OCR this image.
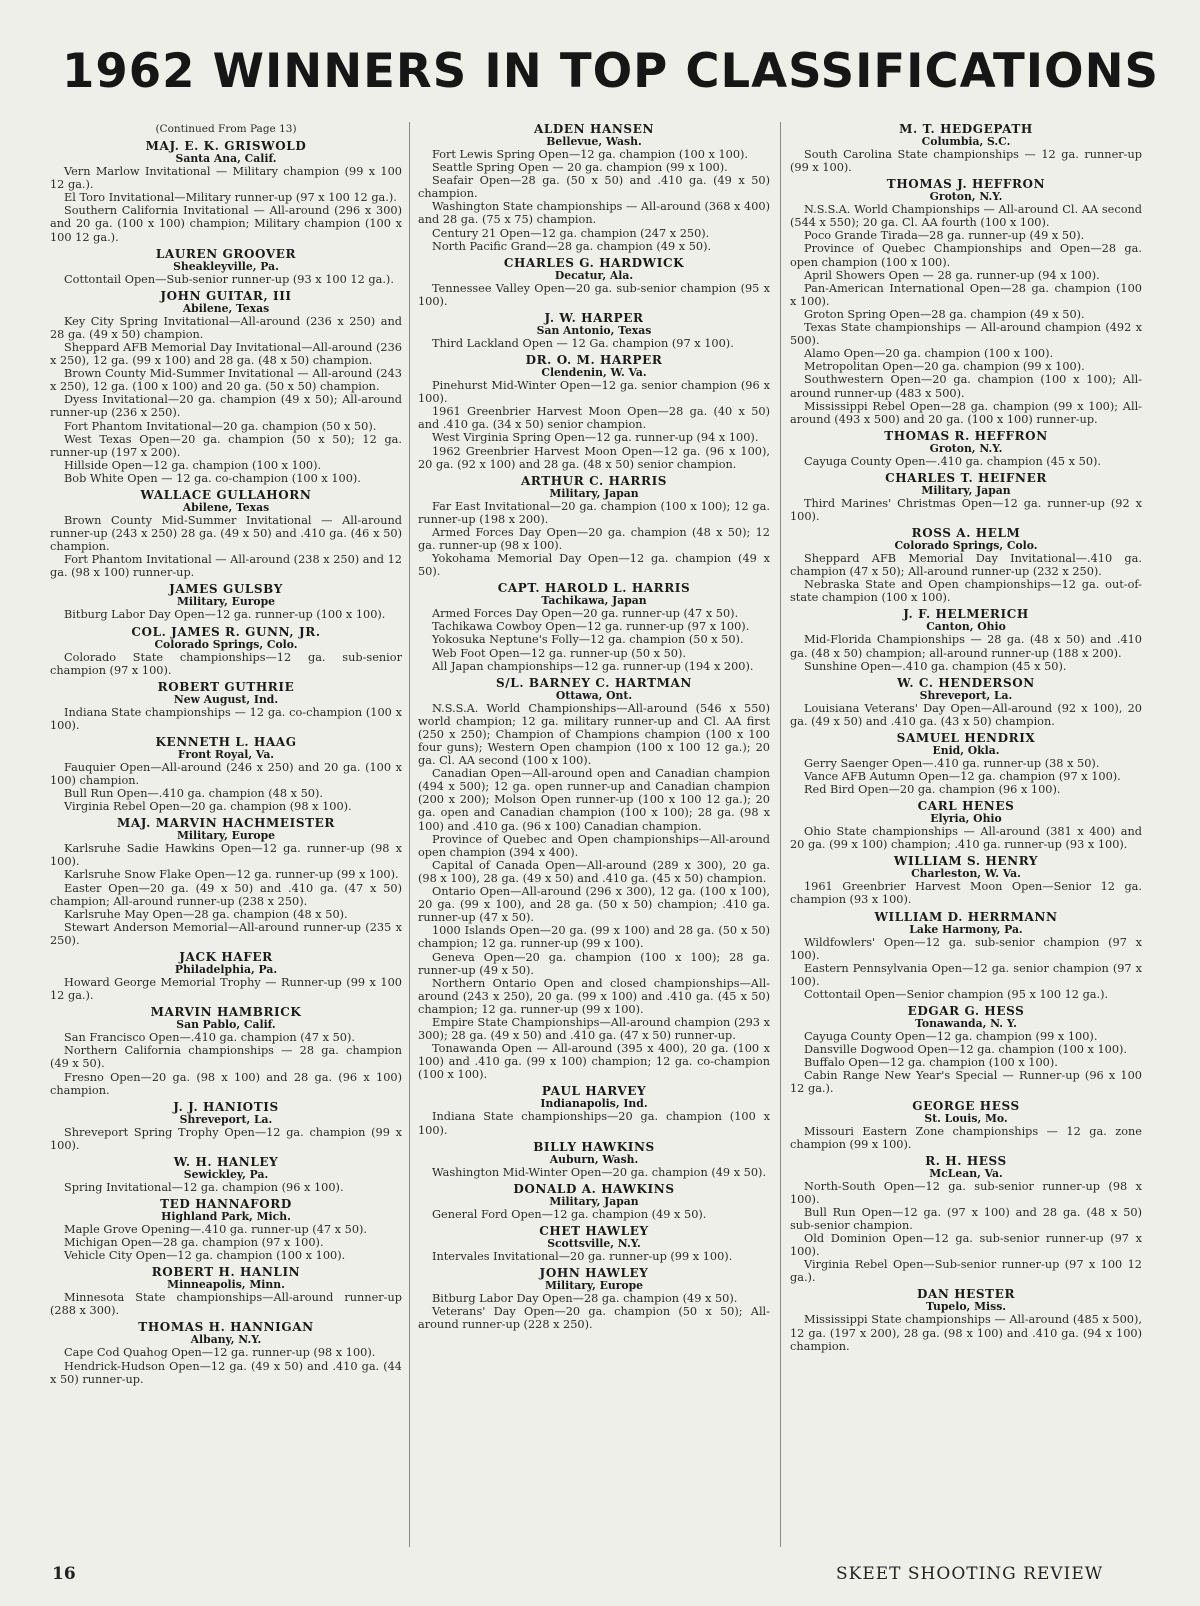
1962 WINNERS IN TOP CLASSIFICATIONS
(Continued From Page 13)
MAJ. E. K. GRISWOLD
Santa Ana, Calif.
Vern Marlow Invitational — Military champion (99 x 100 12 ga.).
El Toro Invitational—Military runner-up (97 x 100 12 ga.).
Southern California Invitational — All-around (296 x 300) and 20 ga. (100 x 100) champion; Military champion (100 x 100 12 ga.).
LAUREN GROOVER
Sheakleyville, Pa.
Cottontail Open—Sub-senior runner-up (93 x 100 12 ga.).
JOHN GUITAR, III
Abilene, Texas
Key City Spring Invitational—All-around (236 x 250) and 28 ga. (49 x 50) champion.
Sheppard AFB Memorial Day Invitational—All-around (236 x 250), 12 ga. (99 x 100) and 28 ga. (48 x 50) champion.
Brown County Mid-Summer Invitational — All-around (243 x 250), 12 ga. (100 x 100) and 20 ga. (50 x 50) champion.
Dyess Invitational—20 ga. champion (49 x 50); All-around runner-up (236 x 250).
Fort Phantom Invitational—20 ga. champion (50 x 50).
West Texas Open—20 ga. champion (50 x 50); 12 ga. runner-up (197 x 200).
Hillside Open—12 ga. champion (100 x 100).
Bob White Open — 12 ga. co-champion (100 x 100).
WALLACE GULLAHORN
Abilene, Texas
Brown County Mid-Summer Invitational — All-around runner-up (243 x 250) 28 ga. (49 x 50) and .410 ga. (46 x 50) champion.
Fort Phantom Invitational — All-around (238 x 250) and 12 ga. (98 x 100) runner-up.
JAMES GULSBY
Military, Europe
Bitburg Labor Day Open—12 ga. runner-up (100 x 100).
COL. JAMES R. GUNN, JR.
Colorado Springs, Colo.
Colorado State championships—12 ga. sub-senior champion (97 x 100).
ROBERT GUTHRIE
New August, Ind.
Indiana State championships — 12 ga. co-champion (100 x 100).
KENNETH L. HAAG
Front Royal, Va.
Fauquier Open—All-around (246 x 250) and 20 ga. (100 x 100) champion.
Bull Run Open—.410 ga. champion (48 x 50).
Virginia Rebel Open—20 ga. champion (98 x 100).
MAJ. MARVIN HACHMEISTER
Military, Europe
Karlsruhe Sadie Hawkins Open—12 ga. runner-up (98 x 100).
Karlsruhe Snow Flake Open—12 ga. runner-up (99 x 100).
Easter Open—20 ga. (49 x 50) and .410 ga. (47 x 50) champion; All-around runner-up (238 x 250).
Karlsruhe May Open—28 ga. champion (48 x 50).
Stewart Anderson Memorial—All-around runner-up (235 x 250).
JACK HAFER
Philadelphia, Pa.
Howard George Memorial Trophy — Runner-up (99 x 100 12 ga.).
MARVIN HAMBRICK
San Pablo, Calif.
San Francisco Open—.410 ga. champion (47 x 50).
Northern California championships — 28 ga. champion (49 x 50).
Fresno Open—20 ga. (98 x 100) and 28 ga. (96 x 100) champion.
J. J. HANIOTIS
Shreveport, La.
Shreveport Spring Trophy Open—12 ga. champion (99 x 100).
W. H. HANLEY
Sewickley, Pa.
Spring Invitational—12 ga. champion (96 x 100).
TED HANNAFORD
Highland Park, Mich.
Maple Grove Opening—.410 ga. runner-up (47 x 50).
Michigan Open—28 ga. champion (97 x 100).
Vehicle City Open—12 ga. champion (100 x 100).
ROBERT H. HANLIN
Minneapolis, Minn.
Minnesota State championships—All-around runner-up (288 x 300).
THOMAS H. HANNIGAN
Albany, N.Y.
Cape Cod Quahog Open—12 ga. runner-up (98 x 100).
Hendrick-Hudson Open—12 ga. (49 x 50) and .410 ga. (44 x 50) runner-up.
ALDEN HANSEN
Bellevue, Wash.
Fort Lewis Spring Open—12 ga. champion (100 x 100).
Seattle Spring Open — 20 ga. champion (99 x 100).
Seafair Open—28 ga. (50 x 50) and .410 ga. (49 x 50) champion.
Washington State championships — All-around (368 x 400) and 28 ga. (75 x 75) champion.
Century 21 Open—12 ga. champion (247 x 250).
North Pacific Grand—28 ga. champion (49 x 50).
CHARLES G. HARDWICK
Decatur, Ala.
Tennessee Valley Open—20 ga. sub-senior champion (95 x 100).
J. W. HARPER
San Antonio, Texas
Third Lackland Open — 12 Ga. champion (97 x 100).
DR. O. M. HARPER
Clendenin, W. Va.
Pinehurst Mid-Winter Open—12 ga. senior champion (96 x 100).
1961 Greenbrier Harvest Moon Open—28 ga. (40 x 50) and .410 ga. (34 x 50) senior champion.
West Virginia Spring Open—12 ga. runner-up (94 x 100).
1962 Greenbrier Harvest Moon Open—12 ga. (96 x 100), 20 ga. (92 x 100) and 28 ga. (48 x 50) senior champion.
ARTHUR C. HARRIS
Military, Japan
Far East Invitational—20 ga. champion (100 x 100); 12 ga. runner-up (198 x 200).
Armed Forces Day Open—20 ga. champion (48 x 50); 12 ga. runner-up (98 x 100).
Yokohama Memorial Day Open—12 ga. champion (49 x 50).
CAPT. HAROLD L. HARRIS
Tachikawa, Japan
Armed Forces Day Open—20 ga. runner-up (47 x 50).
Tachikawa Cowboy Open—12 ga. runner-up (97 x 100).
Yokosuka Neptune's Folly—12 ga. champion (50 x 50).
Web Foot Open—12 ga. runner-up (50 x 50).
All Japan championships—12 ga. runner-up (194 x 200).
S/L. BARNEY C. HARTMAN
Ottawa, Ont.
N.S.S.A. World Championships—All-around (546 x 550) world champion; 12 ga. military runner-up and Cl. AA first (250 x 250); Champion of Champions champion (100 x 100 four guns); Western Open champion (100 x 100 12 ga.); 20 ga. Cl. AA second (100 x 100).
Canadian Open—All-around open and Canadian champion (494 x 500); 12 ga. open runner-up and Canadian champion (200 x 200); Molson Open runner-up (100 x 100 12 ga.); 20 ga. open and Canadian champion (100 x 100); 28 ga. (98 x 100) and .410 ga. (96 x 100) Canadian champion.
Province of Quebec and Open championships—All-around open champion (394 x 400).
Capital of Canada Open—All-around (289 x 300), 20 ga. (98 x 100), 28 ga. (49 x 50) and .410 ga. (45 x 50) champion.
Ontario Open—All-around (296 x 300), 12 ga. (100 x 100), 20 ga. (99 x 100), and 28 ga. (50 x 50) champion; .410 ga. runner-up (47 x 50).
1000 Islands Open—20 ga. (99 x 100) and 28 ga. (50 x 50) champion; 12 ga. runner-up (99 x 100).
Geneva Open—20 ga. champion (100 x 100); 28 ga. runner-up (49 x 50).
Northern Ontario Open and closed championships—All-around (243 x 250), 20 ga. (99 x 100) and .410 ga. (45 x 50) champion; 12 ga. runner-up (99 x 100).
Empire State Championships—All-around champion (293 x 300); 28 ga. (49 x 50) and .410 ga. (47 x 50) runner-up.
Tonawanda Open — All-around (395 x 400), 20 ga. (100 x 100) and .410 ga. (99 x 100) champion; 12 ga. co-champion (100 x 100).
PAUL HARVEY
Indianapolis, Ind.
Indiana State championships—20 ga. champion (100 x 100).
BILLY HAWKINS
Auburn, Wash.
Washington Mid-Winter Open—20 ga. champion (49 x 50).
DONALD A. HAWKINS
Military, Japan
General Ford Open—12 ga. champion (49 x 50).
CHET HAWLEY
Scottsville, N.Y.
Intervales Invitational—20 ga. runner-up (99 x 100).
JOHN HAWLEY
Military, Europe
Bitburg Labor Day Open—28 ga. champion (49 x 50).
Veterans' Day Open—20 ga. champion (50 x 50); All-around runner-up (228 x 250).
M. T. HEDGEPATH
Columbia, S.C.
South Carolina State championships — 12 ga. runner-up (99 x 100).
THOMAS J. HEFFRON
Groton, N.Y.
N.S.S.A. World Championships — All-around Cl. AA second (544 x 550); 20 ga. Cl. AA fourth (100 x 100).
Poco Grande Tirada—28 ga. runner-up (49 x 50).
Province of Quebec Championships and Open—28 ga. open champion (100 x 100).
April Showers Open — 28 ga. runner-up (94 x 100).
Pan-American International Open—28 ga. champion (100 x 100).
Groton Spring Open—28 ga. champion (49 x 50).
Texas State championships — All-around champion (492 x 500).
Alamo Open—20 ga. champion (100 x 100).
Metropolitan Open—20 ga. champion (99 x 100).
Southwestern Open—20 ga. champion (100 x 100); All-around runner-up (483 x 500).
Mississippi Rebel Open—28 ga. champion (99 x 100); All-around (493 x 500) and 20 ga. (100 x 100) runner-up.
THOMAS R. HEFFRON
Groton, N.Y.
Cayuga County Open—.410 ga. champion (45 x 50).
CHARLES T. HEIFNER
Military, Japan
Third Marines' Christmas Open—12 ga. runner-up (92 x 100).
ROSS A. HELM
Colorado Springs, Colo.
Sheppard AFB Memorial Day Invitational—.410 ga. champion (47 x 50); All-around runner-up (232 x 250).
Nebraska State and Open championships—12 ga. out-of-state champion (100 x 100).
J. F. HELMERICH
Canton, Ohio
Mid-Florida Championships — 28 ga. (48 x 50) and .410 ga. (48 x 50) champion; all-around runner-up (188 x 200).
Sunshine Open—.410 ga. champion (45 x 50).
W. C. HENDERSON
Shreveport, La.
Louisiana Veterans' Day Open—All-around (92 x 100), 20 ga. (49 x 50) and .410 ga. (43 x 50) champion.
SAMUEL HENDRIX
Enid, Okla.
Gerry Saenger Open—.410 ga. runner-up (38 x 50).
Vance AFB Autumn Open—12 ga. champion (97 x 100).
Red Bird Open—20 ga. champion (96 x 100).
CARL HENES
Elyria, Ohio
Ohio State championships — All-around (381 x 400) and 20 ga. (99 x 100) champion; .410 ga. runner-up (93 x 100).
WILLIAM S. HENRY
Charleston, W. Va.
1961 Greenbrier Harvest Moon Open—Senior 12 ga. champion (93 x 100).
WILLIAM D. HERRMANN
Lake Harmony, Pa.
Wildfowlers' Open—12 ga. sub-senior champion (97 x 100).
Eastern Pennsylvania Open—12 ga. senior champion (97 x 100).
Cottontail Open—Senior champion (95 x 100 12 ga.).
EDGAR G. HESS
Tonawanda, N. Y.
Cayuga County Open—12 ga. champion (99 x 100).
Dansville Dogwood Open—12 ga. champion (100 x 100).
Buffalo Open—12 ga. champion (100 x 100).
Cabin Range New Year's Special — Runner-up (96 x 100 12 ga.).
GEORGE HESS
St. Louis, Mo.
Missouri Eastern Zone championships — 12 ga. zone champion (99 x 100).
R. H. HESS
McLean, Va.
North-South Open—12 ga. sub-senior runner-up (98 x 100).
Bull Run Open—12 ga. (97 x 100) and 28 ga. (48 x 50) sub-senior champion.
Old Dominion Open—12 ga. sub-senior runner-up (97 x 100).
Virginia Rebel Open—Sub-senior runner-up (97 x 100 12 ga.).
DAN HESTER
Tupelo, Miss.
Mississippi State championships — All-around (485 x 500), 12 ga. (197 x 200), 28 ga. (98 x 100) and .410 ga. (94 x 100) champion.
16	SKEET SHOOTING REVIEW
